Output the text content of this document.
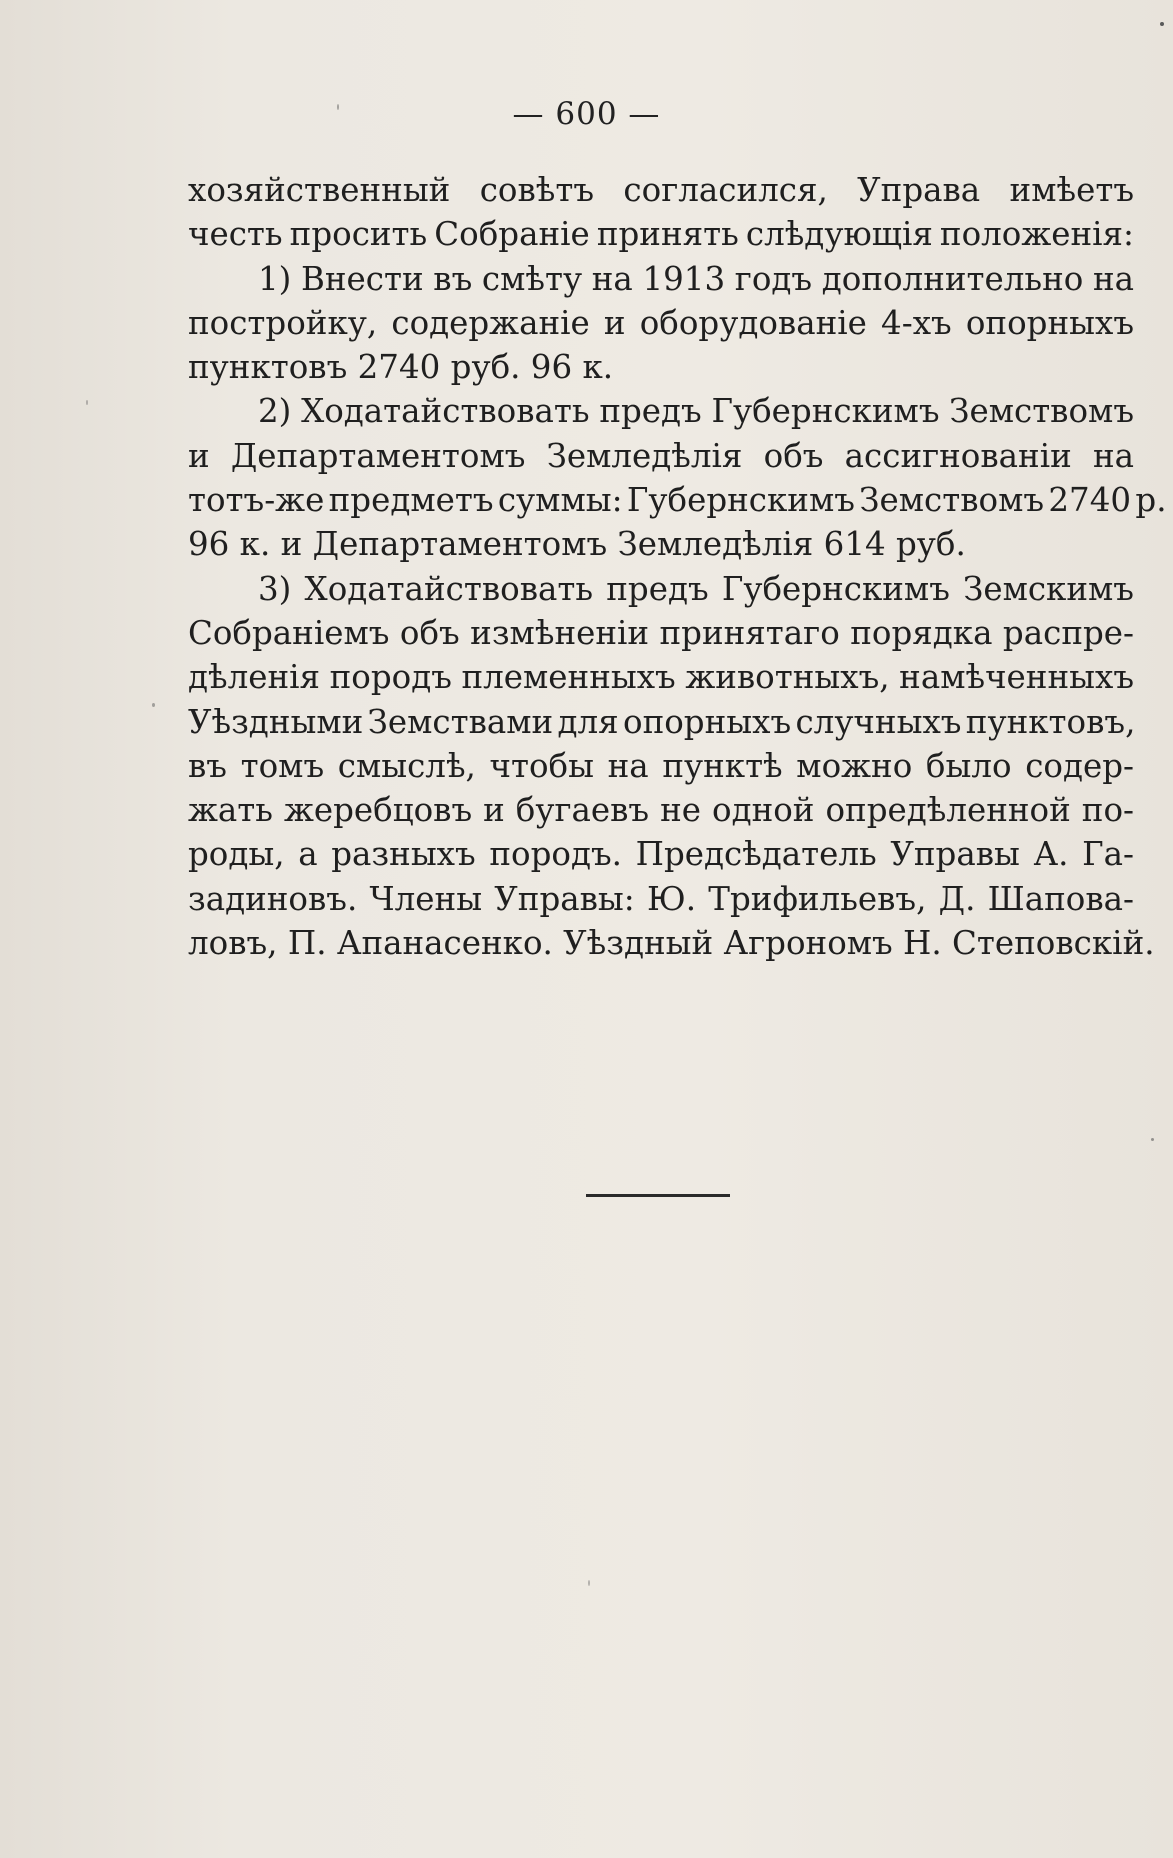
— 600 —
хозяйственный совѣтъ согласился, Управа имѣетъ
честь просить Собраніе принять слѣдующія положенія:
1) Внести въ смѣту на 1913 годъ дополнительно на
постройку, содержаніе и оборудованіе 4-хъ опорныхъ
пунктовъ 2740 руб. 96 к.
2) Ходатайствовать предъ Губернскимъ Земствомъ
и Департаментомъ Земледѣлія объ ассигнованіи на
тотъ-же предметъ суммы: Губернскимъ Земствомъ 2740 р.
96 к. и Департаментомъ Земледѣлія 614 руб.
3) Ходатайствовать предъ Губернскимъ Земскимъ
Собраніемъ объ измѣненіи принятаго порядка распре-
дѣленія породъ племенныхъ животныхъ, намѣченныхъ
Уѣздными Земствами для опорныхъ случныхъ пунктовъ,
въ томъ смыслѣ, чтобы на пунктѣ можно было содер-
жать жеребцовъ и бугаевъ не одной опредѣленной по-
роды, а разныхъ породъ. Предсѣдатель Управы А. Га-
задиновъ. Члены Управы: Ю. Трифильевъ, Д. Шапова-
ловъ, П. Апанасенко. Уѣздный Агрономъ Н. Степовскій.
